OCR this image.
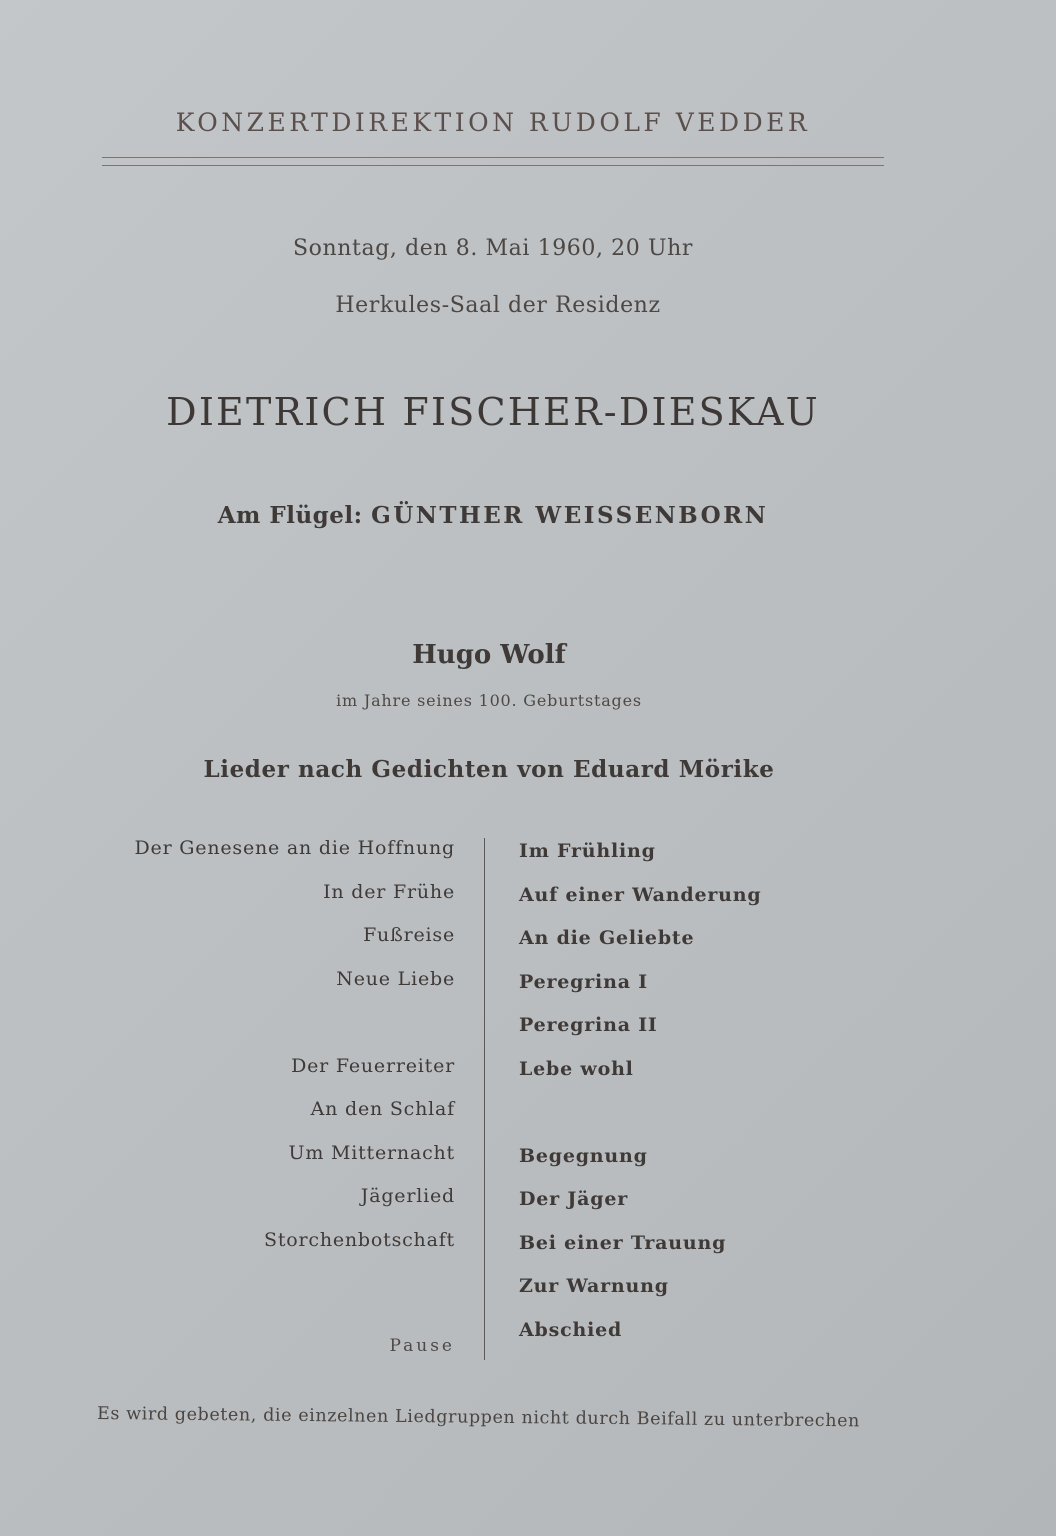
KONZERTDIREKTION RUDOLF VEDDER
Sonntag, den 8. Mai 1960, 20 Uhr
Herkules-Saal der Residenz
DIETRICH FISCHER-DIESKAU
Am Flügel: GÜNTHER WEISSENBORN
Hugo Wolf
im Jahre seines 100. Geburtstages
Lieder nach Gedichten von Eduard Mörike
Der Genesene an die Hoffnung
In der Frühe
Fußreise
Neue Liebe
Der Feuerreiter
An den Schlaf
Um Mitternacht
Jägerlied
Storchenbotschaft
Im Frühling
Auf einer Wanderung
An die Geliebte
Peregrina I
Peregrina II
Lebe wohl
Begegnung
Der Jäger
Bei einer Trauung
Zur Warnung
Abschied
Pause
Es wird gebeten, die einzelnen Liedgruppen nicht durch Beifall zu unterbrechen
